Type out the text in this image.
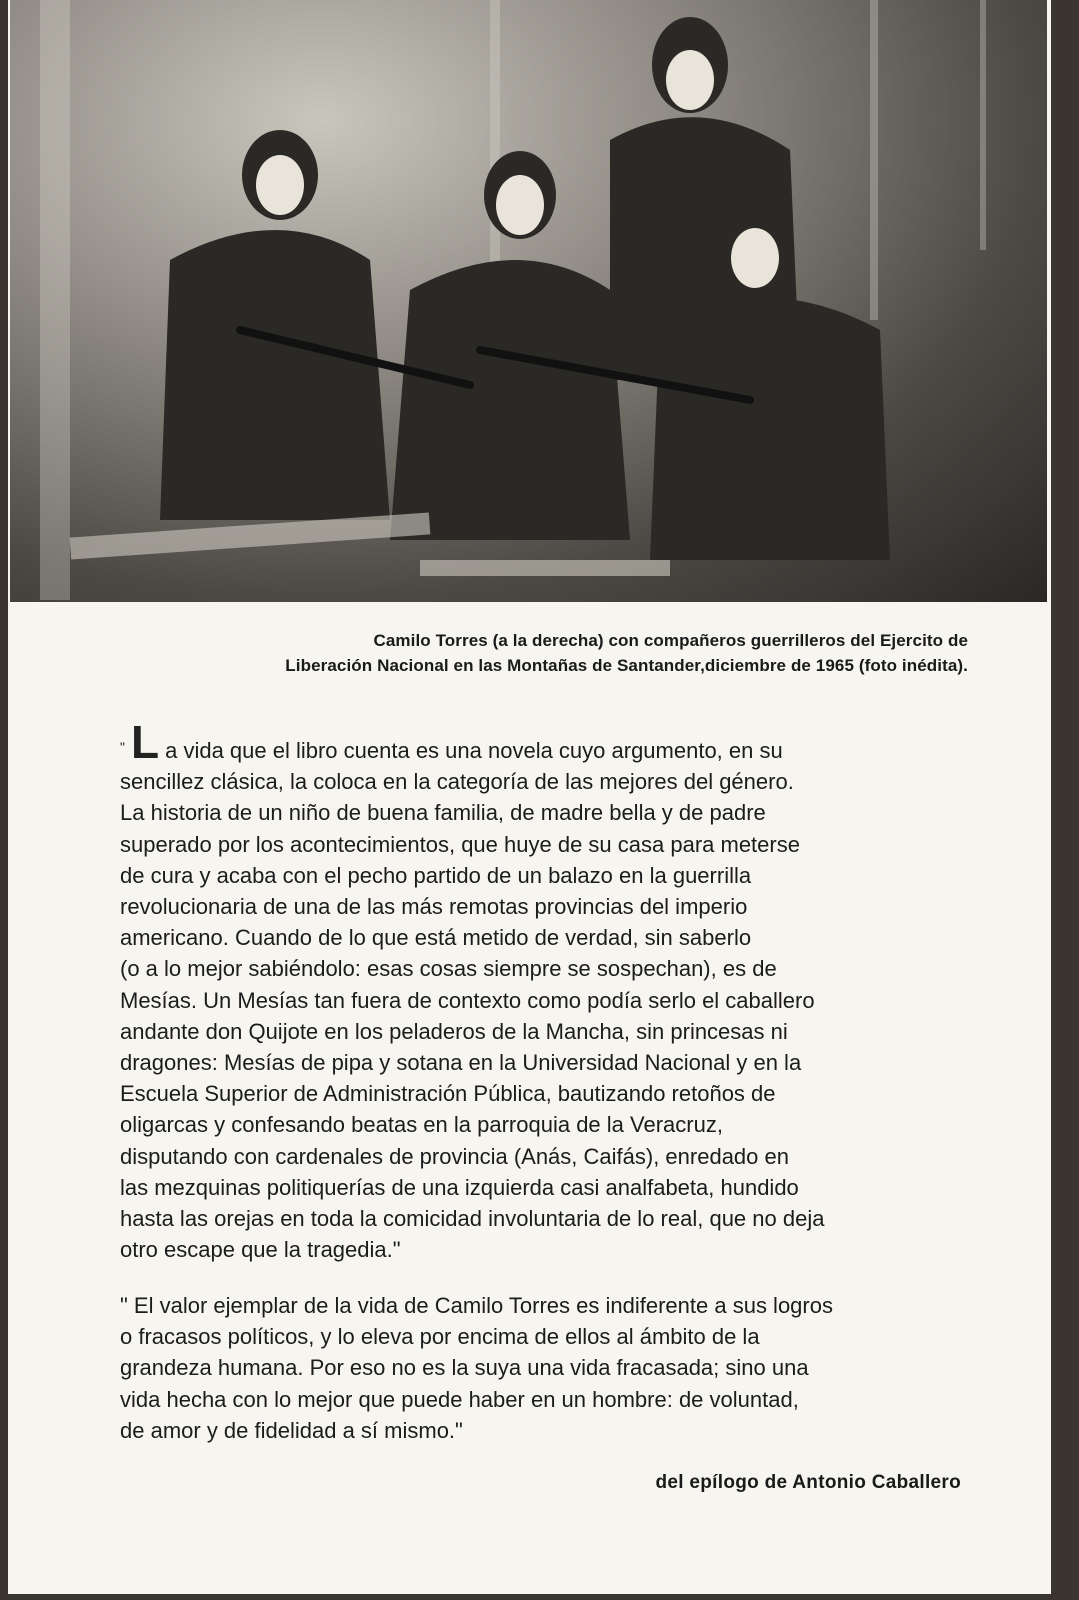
Camilo Torres (a la derecha) con compañeros guerrilleros del Ejercito de
Liberación Nacional en las Montañas de Santander,diciembre de 1965 (foto inédita).
" L a vida que el libro cuenta es una novela cuyo argumento, en su
sencillez clásica, la coloca en la categoría de las mejores del género.
La historia de un niño de buena familia, de madre bella y de padre
superado por los acontecimientos, que huye de su casa para meterse
de cura y acaba con el pecho partido de un balazo en la guerrilla
revolucionaria de una de las más remotas provincias del imperio
americano. Cuando de lo que está metido de verdad, sin saberlo
(o a lo mejor sabiéndolo: esas cosas siempre se sospechan), es de
Mesías. Un Mesías tan fuera de contexto como podía serlo el caballero
andante don Quijote en los peladeros de la Mancha, sin princesas ni
dragones: Mesías de pipa y sotana en la Universidad Nacional y en la
Escuela Superior de Administración Pública, bautizando retoños de
oligarcas y confesando beatas en la parroquia de la Veracruz,
disputando con cardenales de provincia (Anás, Caifás), enredado en
las mezquinas politiquerías de una izquierda casi analfabeta, hundido
hasta las orejas en toda la comicidad involuntaria de lo real, que no deja
otro escape que la tragedia."
" El valor ejemplar de la vida de Camilo Torres es indiferente a sus logros
o fracasos políticos, y lo eleva por encima de ellos al ámbito de la
grandeza humana. Por eso no es la suya una vida fracasada; sino una
vida hecha con lo mejor que puede haber en un hombre: de voluntad,
de amor y de fidelidad a sí mismo."
del epílogo de Antonio Caballero
